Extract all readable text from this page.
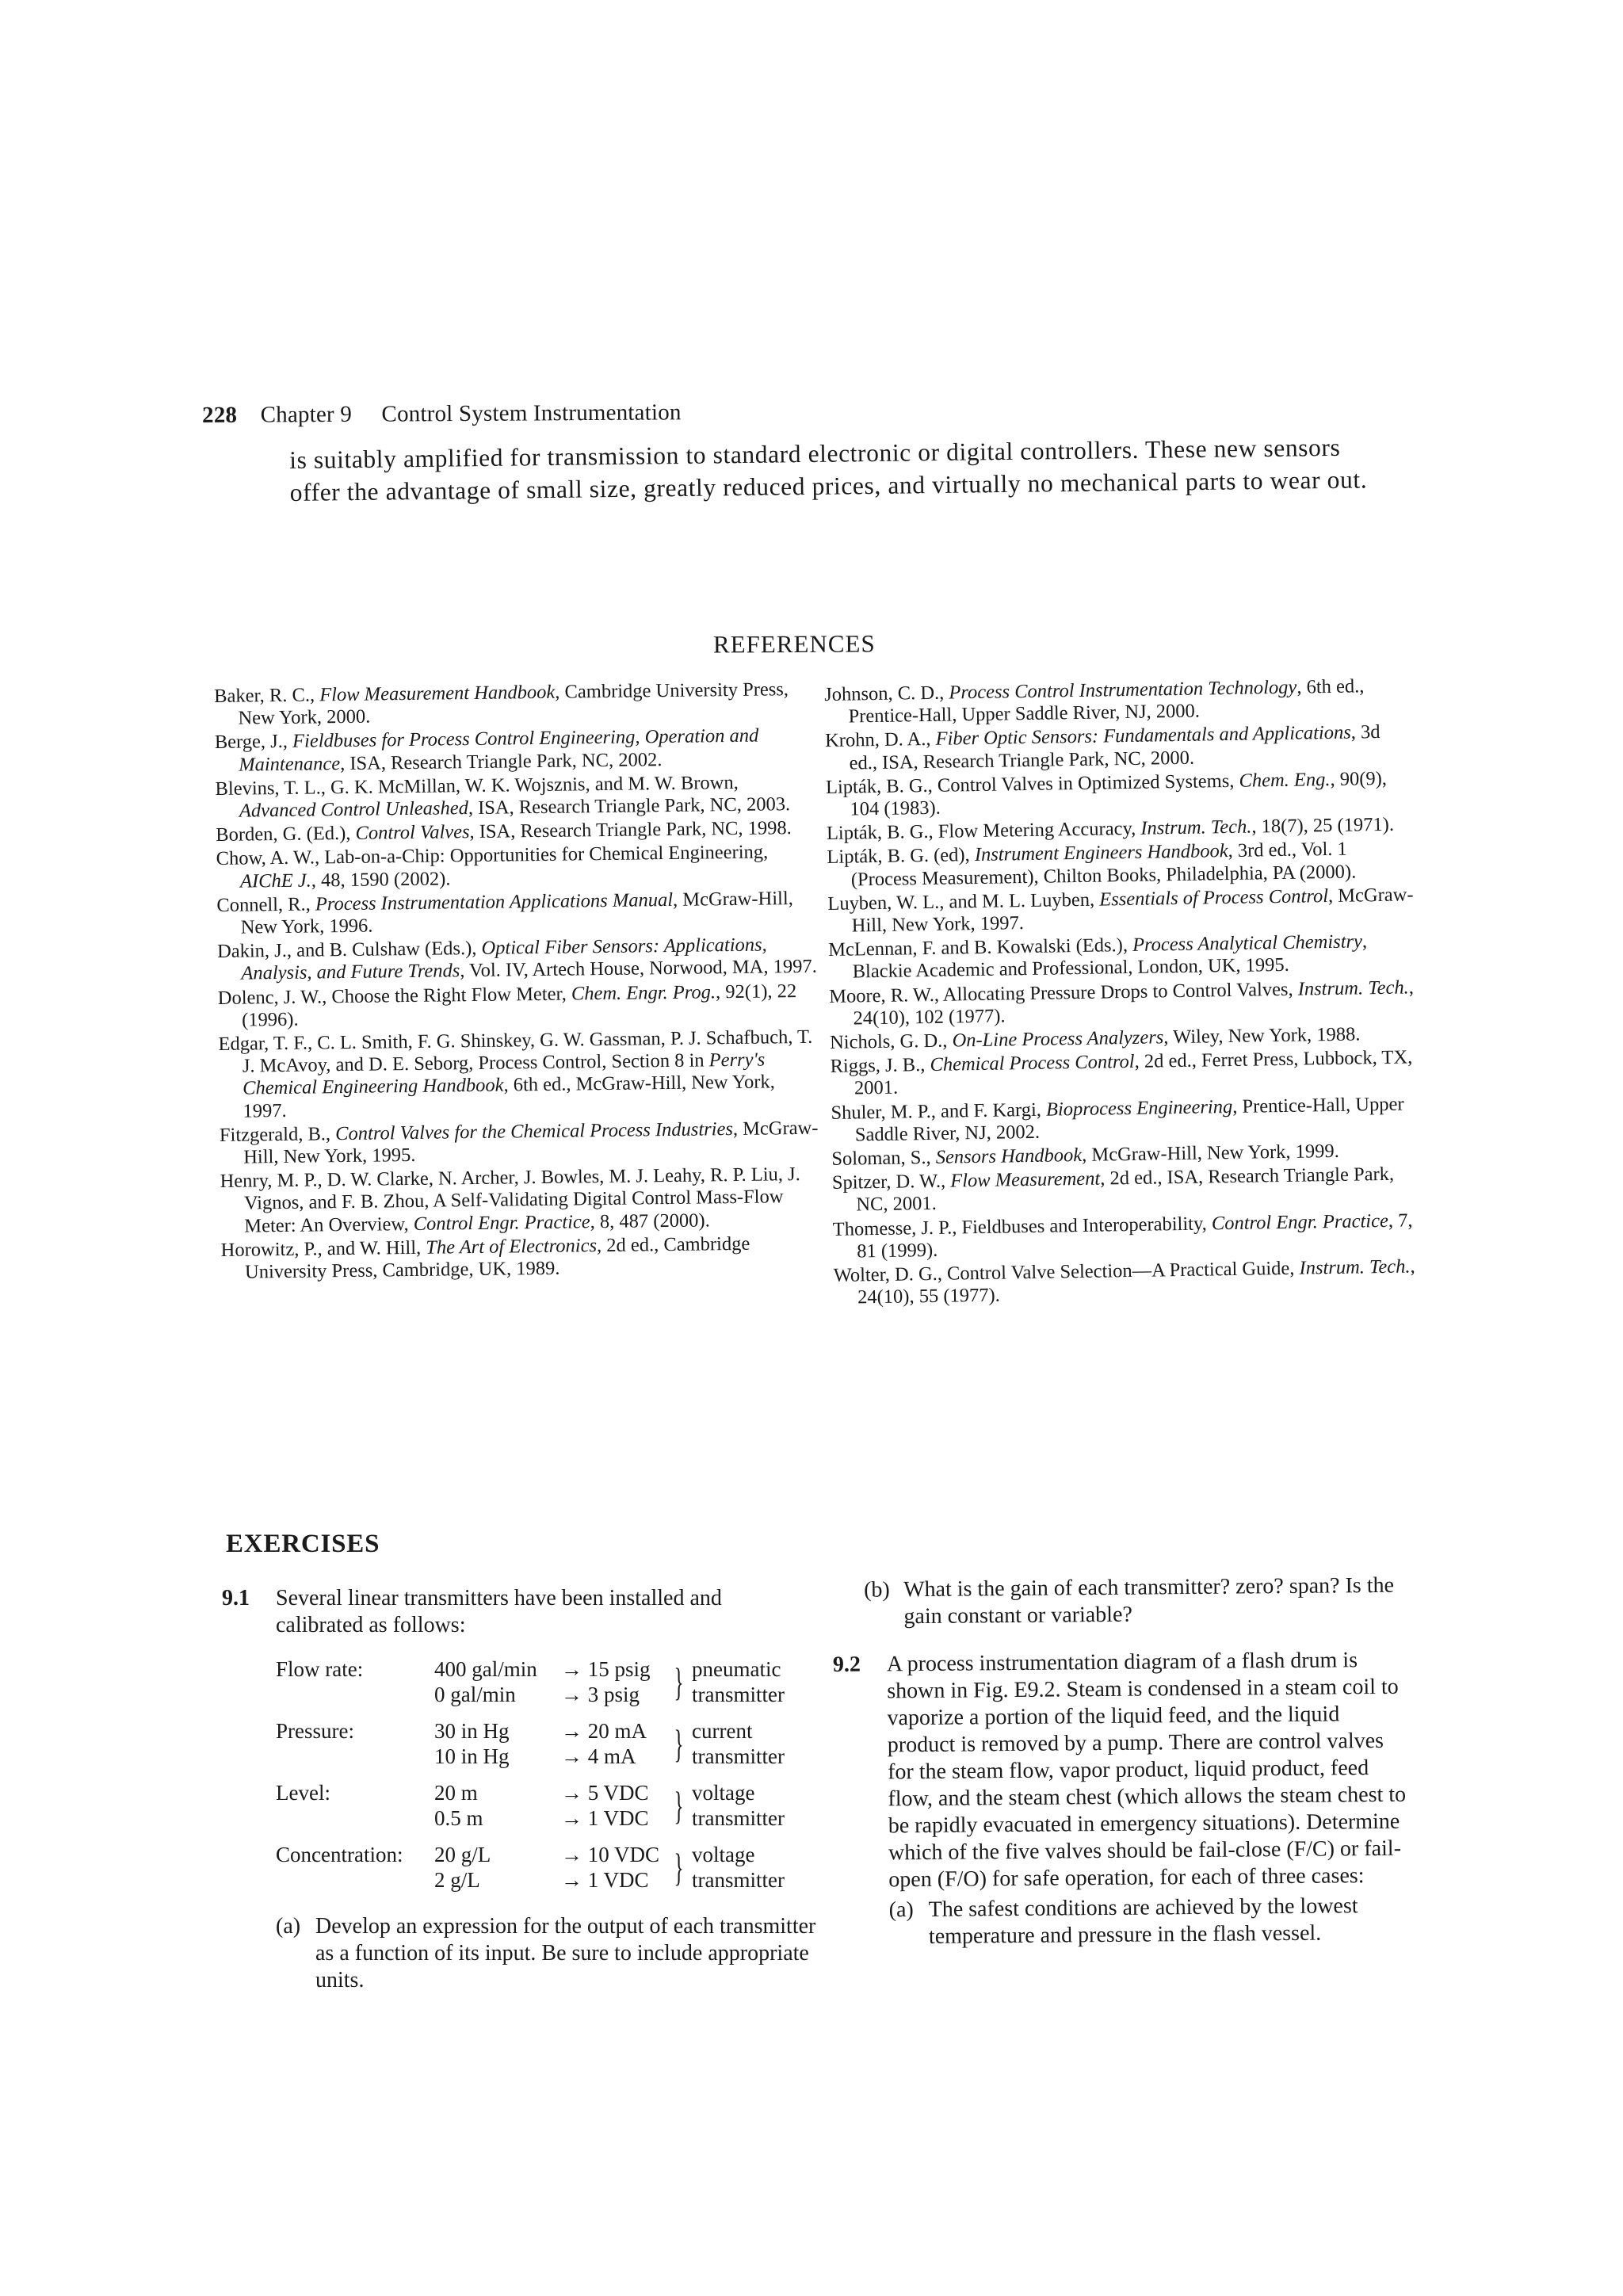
228 Chapter 9 Control System Instrumentation
is suitably amplified for transmission to standard electronic or digital controllers. These new sensors offer the advantage of small size, greatly reduced prices, and virtually no mechanical parts to wear out.
REFERENCES
Baker, R. C., Flow Measurement Handbook, Cambridge University Press, New York, 2000.
Berge, J., Fieldbuses for Process Control Engineering, Operation and Maintenance, ISA, Research Triangle Park, NC, 2002.
Blevins, T. L., G. K. McMillan, W. K. Wojsznis, and M. W. Brown, Advanced Control Unleashed, ISA, Research Triangle Park, NC, 2003.
Borden, G. (Ed.), Control Valves, ISA, Research Triangle Park, NC, 1998.
Chow, A. W., Lab-on-a-Chip: Opportunities for Chemical Engineering, AIChE J., 48, 1590 (2002).
Connell, R., Process Instrumentation Applications Manual, McGraw-Hill, New York, 1996.
Dakin, J., and B. Culshaw (Eds.), Optical Fiber Sensors: Applications, Analysis, and Future Trends, Vol. IV, Artech House, Norwood, MA, 1997.
Dolenc, J. W., Choose the Right Flow Meter, Chem. Engr. Prog., 92(1), 22 (1996).
Edgar, T. F., C. L. Smith, F. G. Shinskey, G. W. Gassman, P. J. Schafbuch, T. J. McAvoy, and D. E. Seborg, Process Control, Section 8 in Perry's Chemical Engineering Handbook, 6th ed., McGraw-Hill, New York, 1997.
Fitzgerald, B., Control Valves for the Chemical Process Industries, McGraw-Hill, New York, 1995.
Henry, M. P., D. W. Clarke, N. Archer, J. Bowles, M. J. Leahy, R. P. Liu, J. Vignos, and F. B. Zhou, A Self-Validating Digital Control Mass-Flow Meter: An Overview, Control Engr. Practice, 8, 487 (2000).
Horowitz, P., and W. Hill, The Art of Electronics, 2d ed., Cambridge University Press, Cambridge, UK, 1989.
Johnson, C. D., Process Control Instrumentation Technology, 6th ed., Prentice-Hall, Upper Saddle River, NJ, 2000.
Krohn, D. A., Fiber Optic Sensors: Fundamentals and Applications, 3d ed., ISA, Research Triangle Park, NC, 2000.
Lipták, B. G., Control Valves in Optimized Systems, Chem. Eng., 90(9), 104 (1983).
Lipták, B. G., Flow Metering Accuracy, Instrum. Tech., 18(7), 25 (1971).
Lipták, B. G. (ed), Instrument Engineers Handbook, 3rd ed., Vol. 1 (Process Measurement), Chilton Books, Philadelphia, PA (2000).
Luyben, W. L., and M. L. Luyben, Essentials of Process Control, McGraw-Hill, New York, 1997.
McLennan, F. and B. Kowalski (Eds.), Process Analytical Chemistry, Blackie Academic and Professional, London, UK, 1995.
Moore, R. W., Allocating Pressure Drops to Control Valves, Instrum. Tech., 24(10), 102 (1977).
Nichols, G. D., On-Line Process Analyzers, Wiley, New York, 1988.
Riggs, J. B., Chemical Process Control, 2d ed., Ferret Press, Lubbock, TX, 2001.
Shuler, M. P., and F. Kargi, Bioprocess Engineering, Prentice-Hall, Upper Saddle River, NJ, 2002.
Soloman, S., Sensors Handbook, McGraw-Hill, New York, 1999.
Spitzer, D. W., Flow Measurement, 2d ed., ISA, Research Triangle Park, NC, 2001.
Thomesse, J. P., Fieldbuses and Interoperability, Control Engr. Practice, 7, 81 (1999).
Wolter, D. G., Control Valve Selection—A Practical Guide, Instrum. Tech., 24(10), 55 (1977).
EXERCISES
9.1 Several linear transmitters have been installed and calibrated as follows:
Flow rate:	400 gal/min	→ 15 psig	}	pneumatic
	0 gal/min	→ 3 psig		transmitter

Pressure:	30 in Hg	→ 20 mA	}	current
	10 in Hg	→ 4 mA		transmitter

Level:	20 m	→ 5 VDC	}	voltage
	0.5 m	→ 1 VDC		transmitter

Concentration:	20 g/L	→ 10 VDC	}	voltage
	2 g/L	→ 1 VDC		transmitter
(a) Develop an expression for the output of each transmitter as a function of its input. Be sure to include appropriate units.
(b) What is the gain of each transmitter? zero? span? Is the gain constant or variable?
9.2 A process instrumentation diagram of a flash drum is shown in Fig. E9.2. Steam is condensed in a steam coil to vaporize a portion of the liquid feed, and the liquid product is removed by a pump. There are control valves for the steam flow, vapor product, liquid product, feed flow, and the steam chest (which allows the steam chest to be rapidly evacuated in emergency situations). Determine which of the five valves should be fail-close (F/C) or fail-open (F/O) for safe operation, for each of three cases:
(a) The safest conditions are achieved by the lowest temperature and pressure in the flash vessel.
